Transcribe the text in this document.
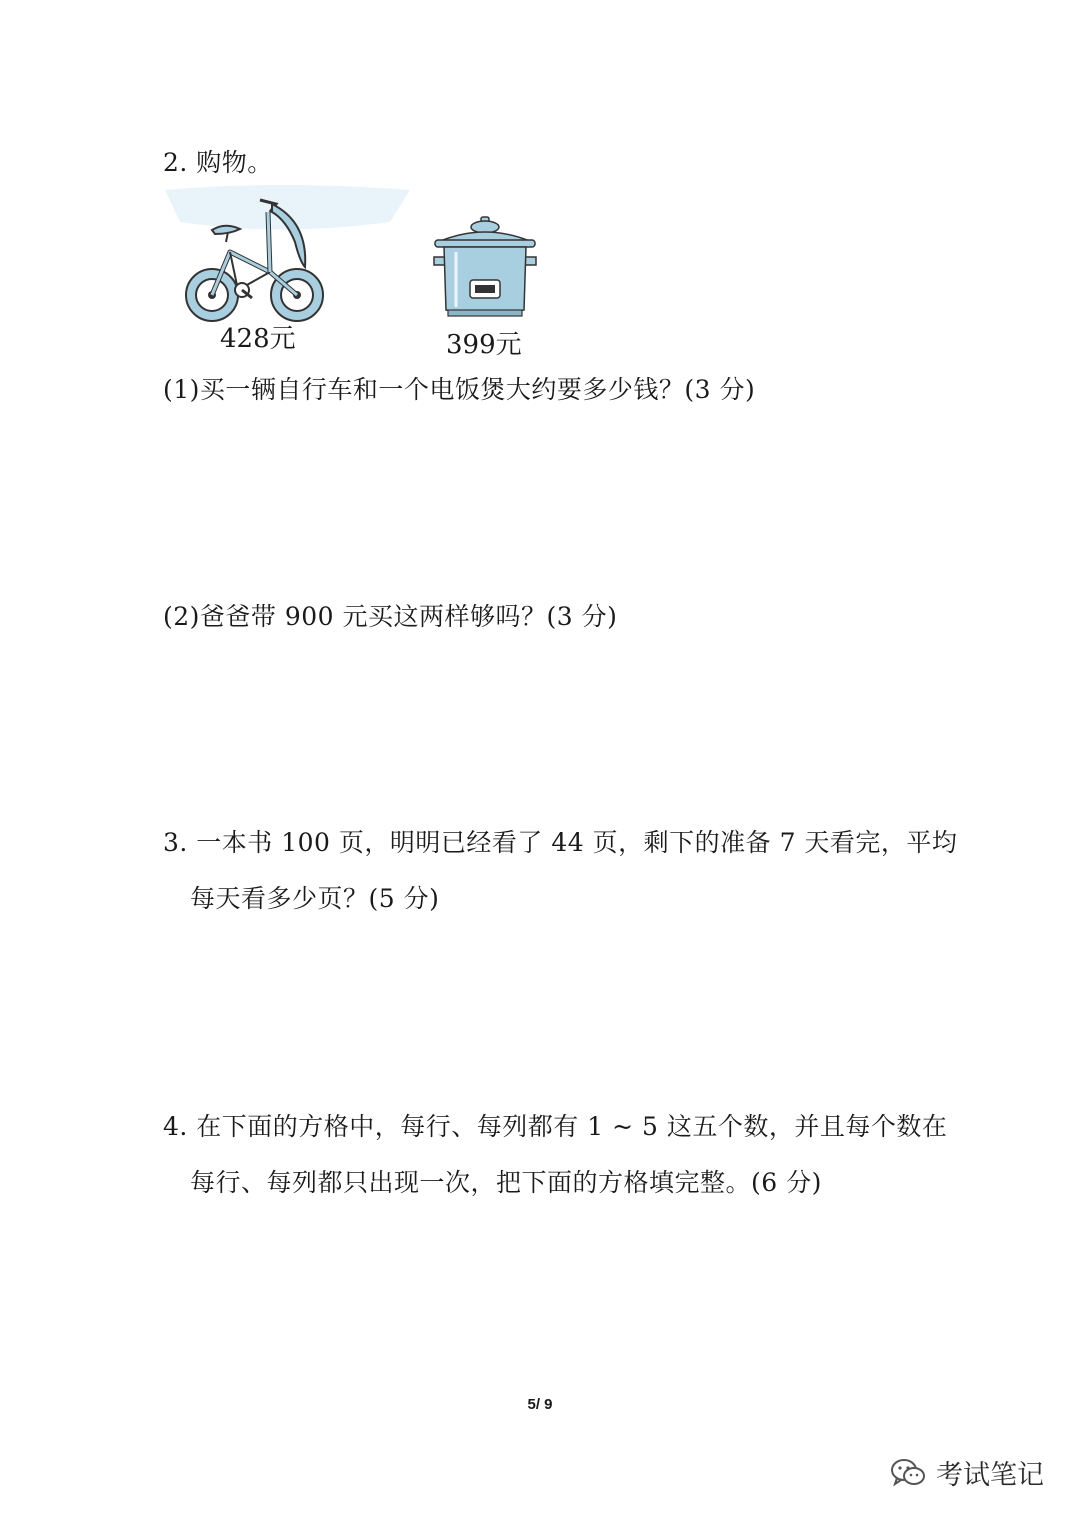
2. 购物。
428元	399元
(1)买一辆自行车和一个电饭煲大约要多少钱？(3 分)
(2)爸爸带 900 元买这两样够吗？(3 分)
3. 一本书 100 页，明明已经看了 44 页，剩下的准备 7 天看完，平均
每天看多少页？(5 分)
4. 在下面的方格中，每行、每列都有 1 ~ 5 这五个数，并且每个数在
每行、每列都只出现一次，把下面的方格填完整。(6 分)
5/ 9
考试笔记
